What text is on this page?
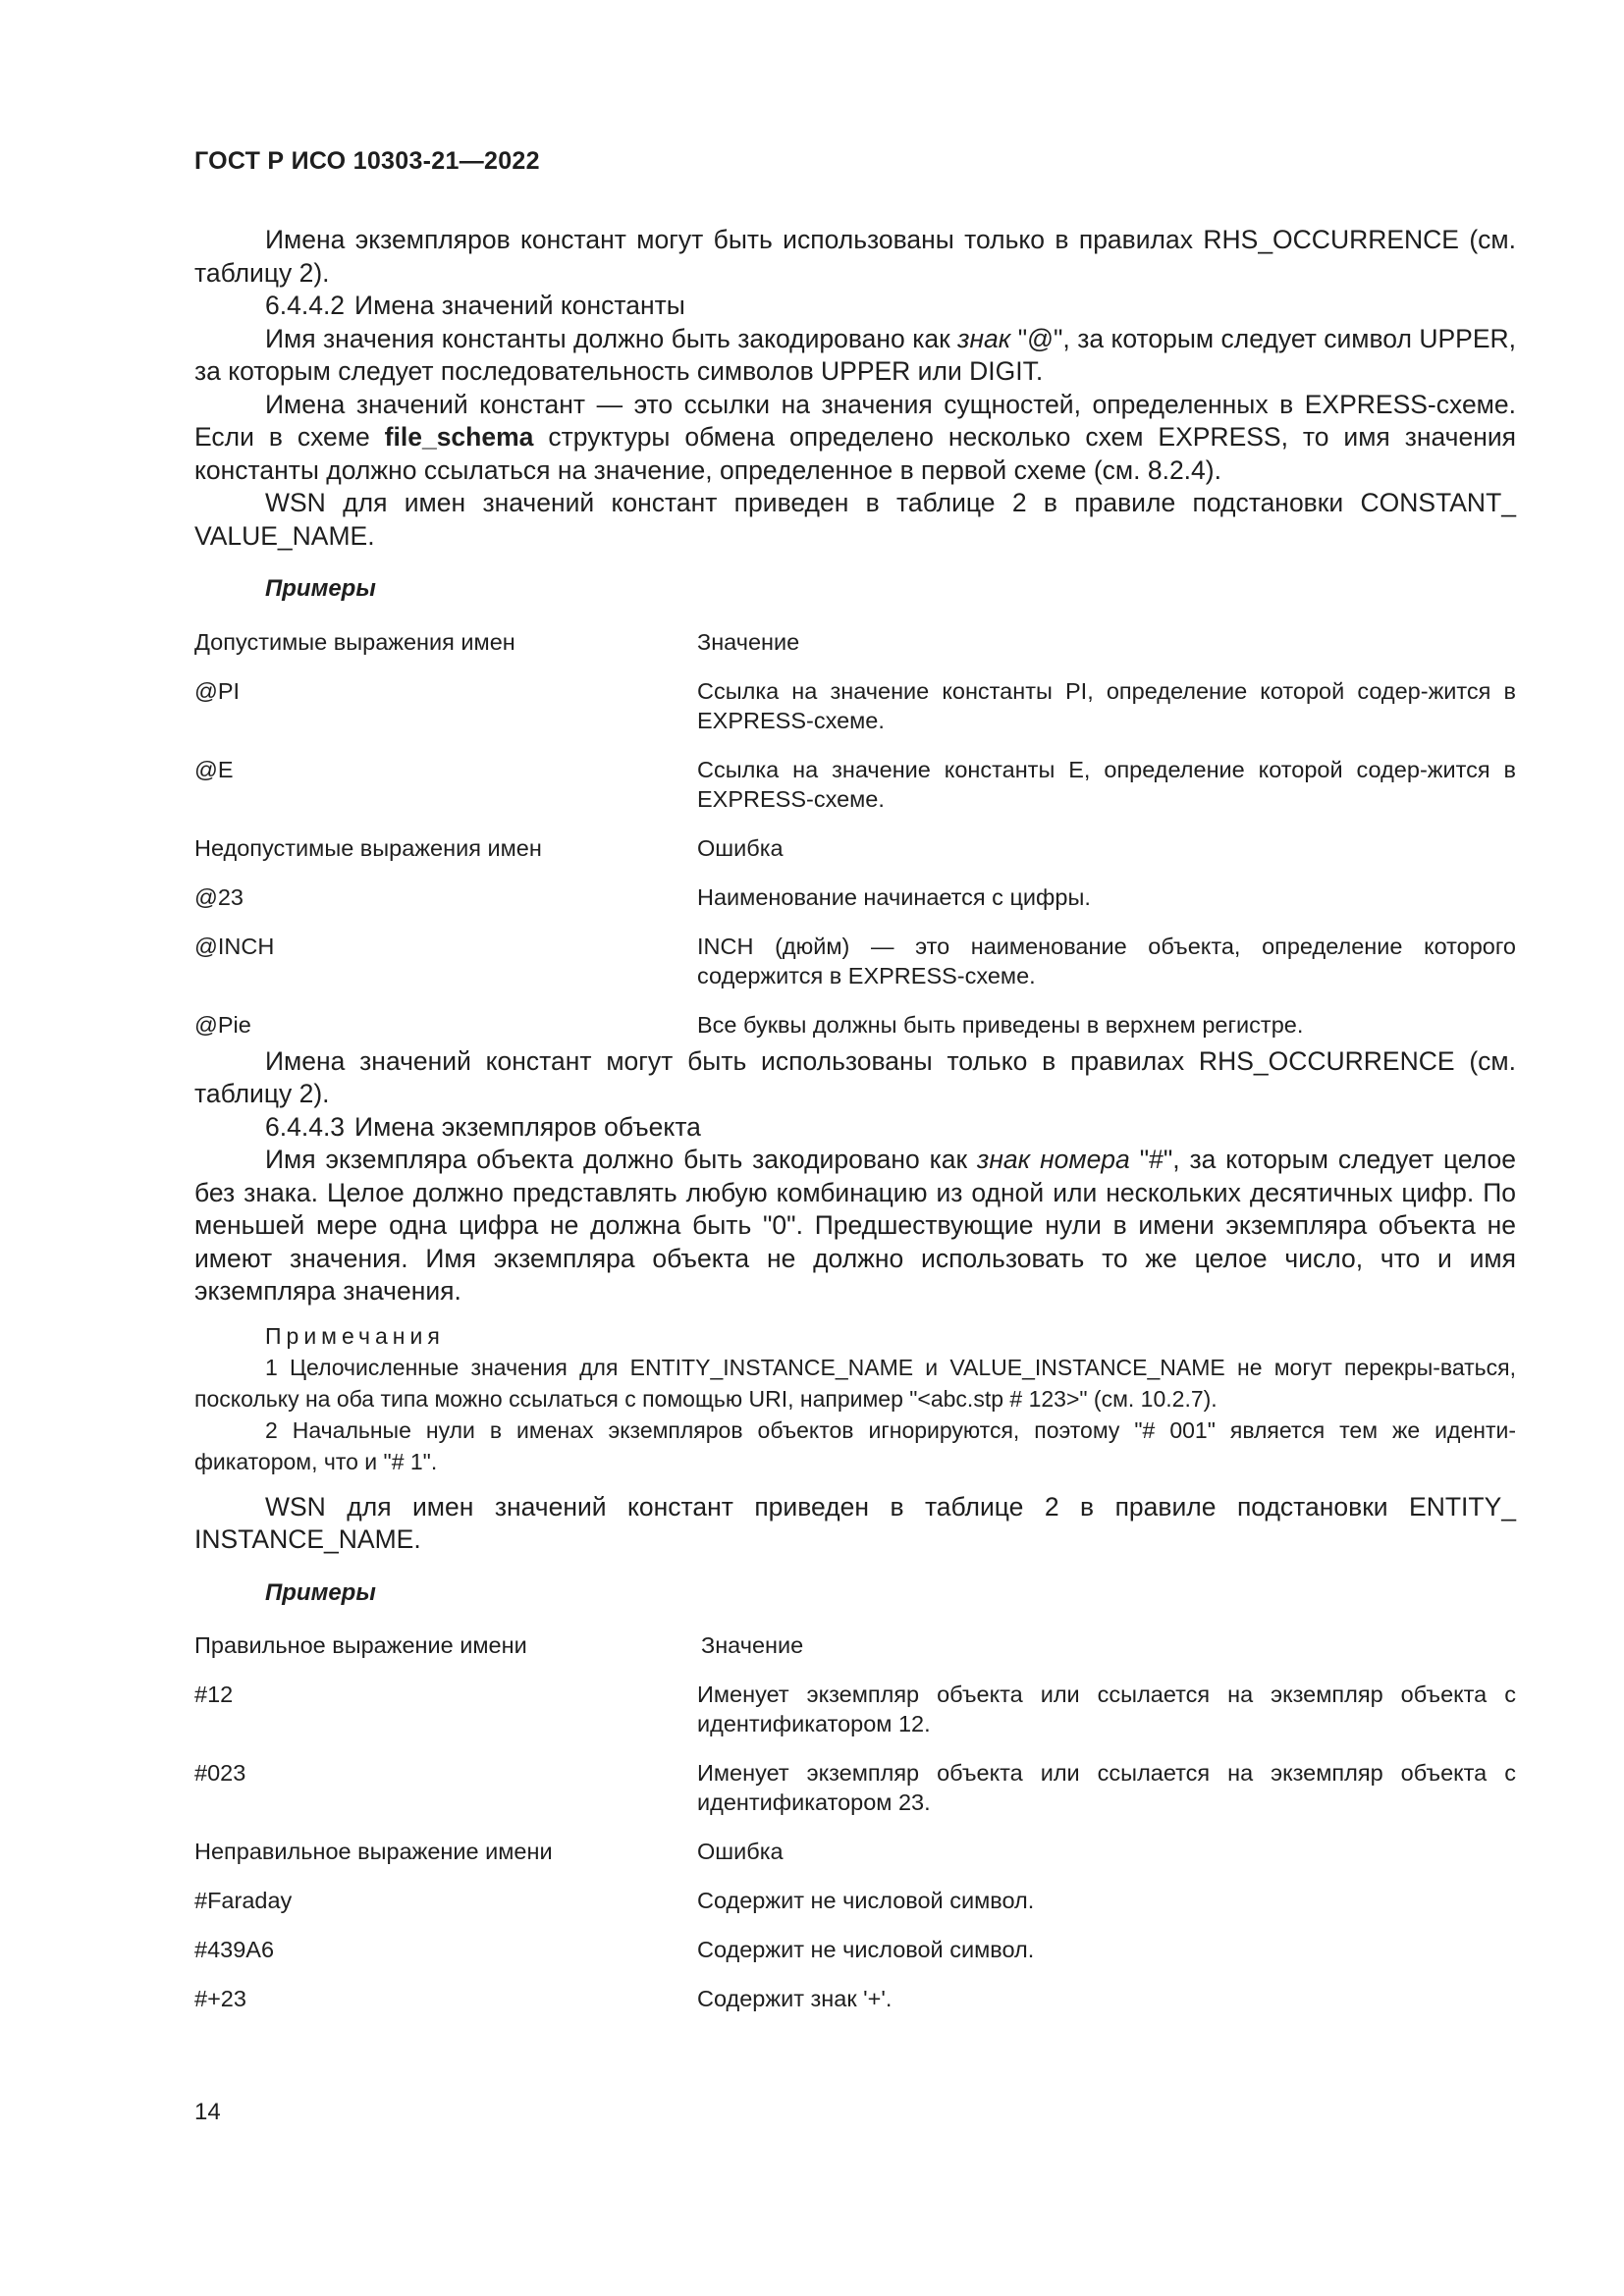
ГОСТ Р ИСО 10303-21—2022

Имена экземпляров констант могут быть использованы только в правилах RHS_OCCURRENCE (см. таблицу 2).

6.4.4.2 Имена значений константы

Имя значения константы должно быть закодировано как знак "@", за которым следует символ UPPER, за которым следует последовательность символов UPPER или DIGIT.

Имена значений констант — это ссылки на значения сущностей, определенных в EXPRESS-схеме. Если в схеме file_schema структуры обмена определено несколько схем EXPRESS, то имя значения константы должно ссылаться на значение, определенное в первой схеме (см. 8.2.4).

WSN для имен значений констант приведен в таблице 2 в правиле подстановки CONSTANT_ VALUE_NAME.

Примеры

Допустимые выражения имен	Значение
@PI	Ссылка на значение константы PI, определение которой содер-жится в EXPRESS-схеме.
@E	Ссылка на значение константы E, определение которой содер-жится в EXPRESS-схеме.
Недопустимые выражения имен	Ошибка
@23	Наименование начинается с цифры.
@INCH	INCH (дюйм) — это наименование объекта, определение которого содержится в EXPRESS-схеме.
@Pie	Все буквы должны быть приведены в верхнем регистре.

Имена значений констант могут быть использованы только в правилах RHS_OCCURRENCE (см. таблицу 2).

6.4.4.3 Имена экземпляров объекта

Имя экземпляра объекта должно быть закодировано как знак номера "#", за которым следует целое без знака. Целое должно представлять любую комбинацию из одной или нескольких десятичных цифр. По меньшей мере одна цифра не должна быть "0". Предшествующие нули в имени экземпляра объекта не имеют значения. Имя экземпляра объекта не должно использовать то же целое число, что и имя экземпляра значения.

Примечания

1 Целочисленные значения для ENTITY_INSTANCE_NAME и VALUE_INSTANCE_NAME не могут перекры-ваться, поскольку на оба типа можно ссылаться с помощью URI, например "<abc.stp # 123>" (см. 10.2.7).

2 Начальные нули в именах экземпляров объектов игнорируются, поэтому "# 001" является тем же иденти-фикатором, что и "# 1".

WSN для имен значений констант приведен в таблице 2 в правиле подстановки ENTITY_ INSTANCE_NAME.

Примеры

Правильное выражение имени	Значение
#12	Именует экземпляр объекта или ссылается на экземпляр объекта с идентификатором 12.
#023	Именует экземпляр объекта или ссылается на экземпляр объекта с идентификатором 23.
Неправильное выражение имени	Ошибка
#Faraday	Содержит не числовой символ.
#439A6	Содержит не числовой символ.
#+23	Содержит знак '+'.
14
